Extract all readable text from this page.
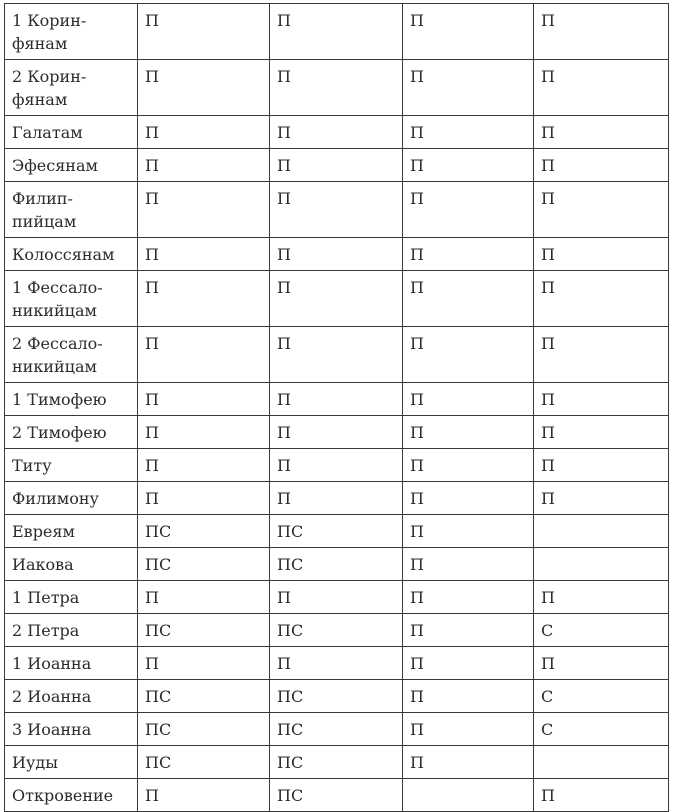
1 Корин-
фянам	П	П	П	П

2 Корин-
фянам	П	П	П	П

Галатам	П	П	П	П

Эфесянам	П	П	П	П

Филип-
пийцам	П	П	П	П

Колоссянам	П	П	П	П

1 Фессало-
никийцам	П	П	П	П

2 Фессало-
никийцам	П	П	П	П

1 Тимофею	П	П	П	П

2 Тимофею	П	П	П	П

Титу	П	П	П	П

Филимону	П	П	П	П

Евреям	ПС	ПС	П	

Иакова	ПС	ПС	П	

1 Петра	П	П	П	П

2 Петра	ПС	ПС	П	С

1 Иоанна	П	П	П	П

2 Иоанна	ПС	ПС	П	С

3 Иоанна	ПС	ПС	П	С

Иуды	ПС	ПС	П	

Откровение	П	ПС		П
